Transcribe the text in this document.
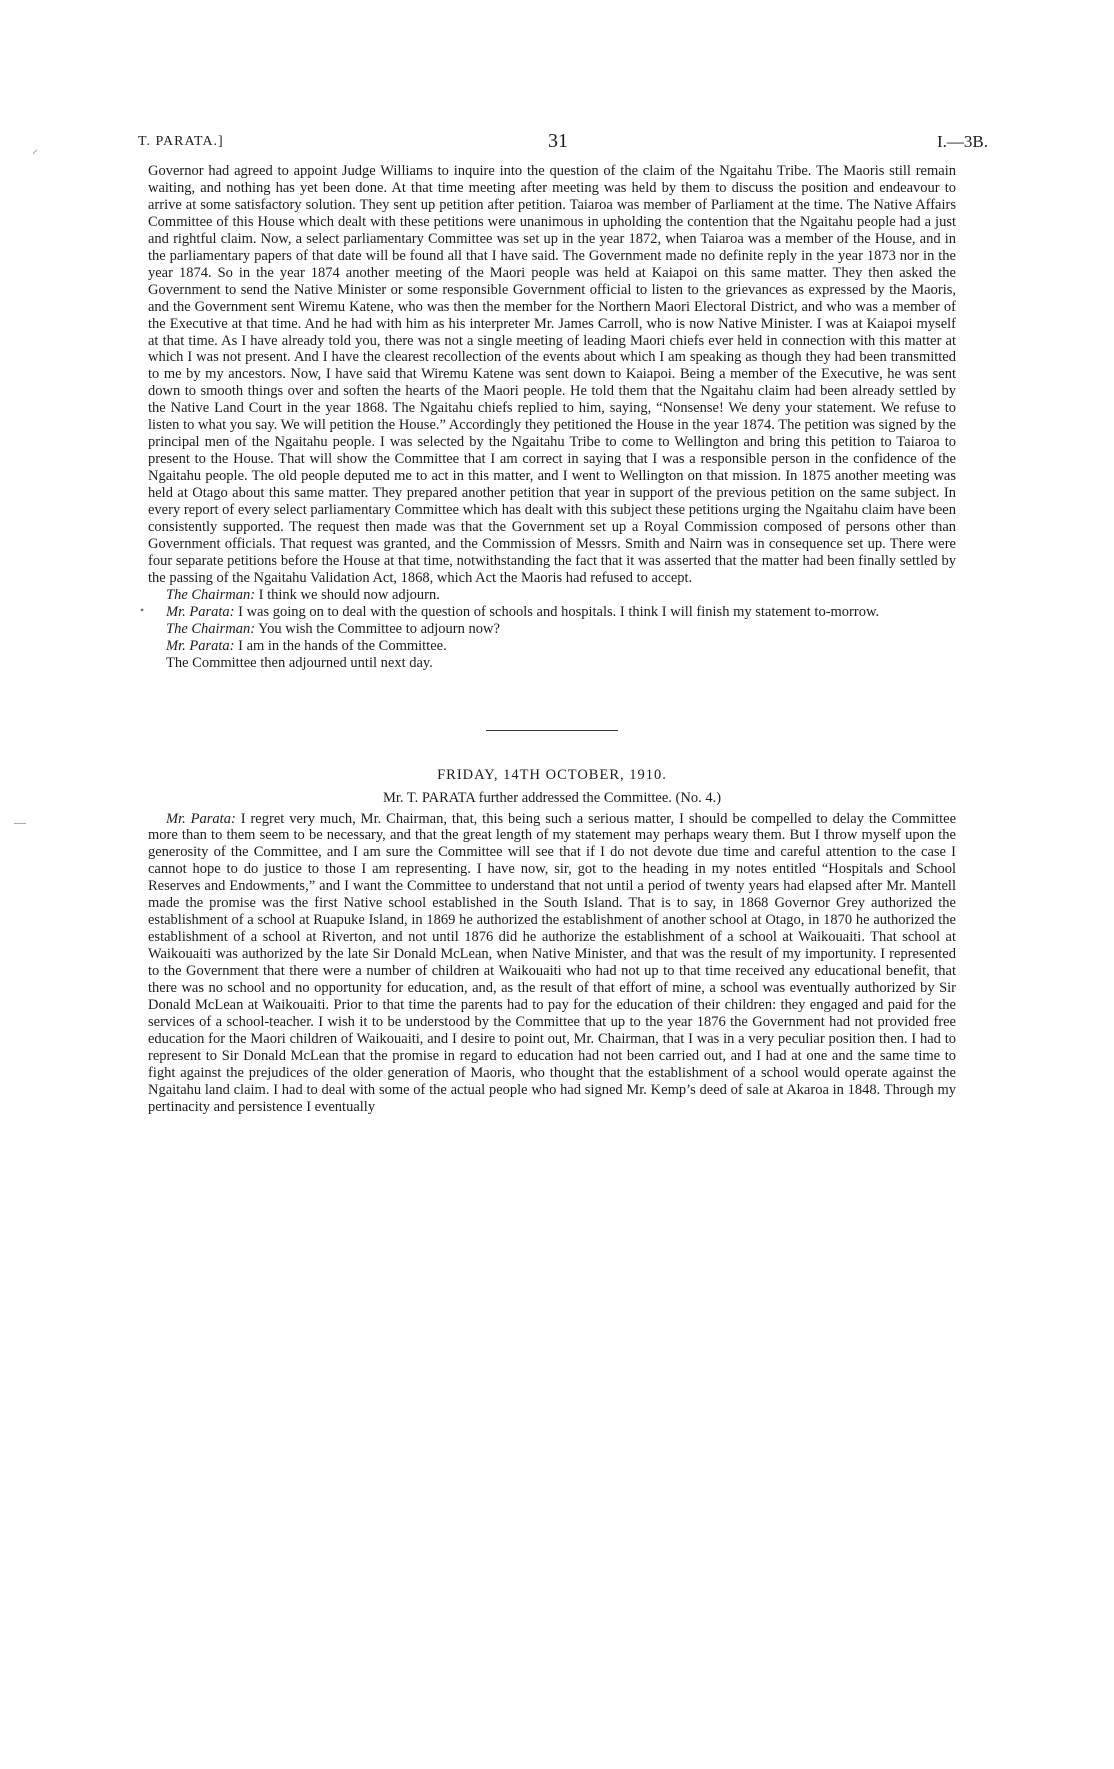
T. PARATA.]	31	I.—3B.
⸝
•
—

Governor had agreed to appoint Judge Williams to inquire into the question of the claim of the Ngaitahu Tribe. The Maoris still remain waiting, and nothing has yet been done. At that time meeting after meeting was held by them to discuss the position and endeavour to arrive at some satisfactory solution. They sent up petition after petition. Taiaroa was member of Parliament at the time. The Native Affairs Committee of this House which dealt with these petitions were unanimous in upholding the contention that the Ngaitahu people had a just and rightful claim. Now, a select parliamentary Committee was set up in the year 1872, when Taiaroa was a member of the House, and in the parliamentary papers of that date will be found all that I have said. The Government made no definite reply in the year 1873 nor in the year 1874. So in the year 1874 another meeting of the Maori people was held at Kaiapoi on this same matter. They then asked the Government to send the Native Minister or some responsible Government official to listen to the grievances as expressed by the Maoris, and the Government sent Wiremu Katene, who was then the member for the Northern Maori Electoral District, and who was a member of the Executive at that time. And he had with him as his interpreter Mr. James Carroll, who is now Native Minister. I was at Kaiapoi myself at that time. As I have already told you, there was not a single meeting of leading Maori chiefs ever held in connection with this matter at which I was not present. And I have the clearest recollection of the events about which I am speaking as though they had been transmitted to me by my ancestors. Now, I have said that Wiremu Katene was sent down to Kaiapoi. Being a member of the Executive, he was sent down to smooth things over and soften the hearts of the Maori people. He told them that the Ngaitahu claim had been already settled by the Native Land Court in the year 1868. The Ngaitahu chiefs replied to him, saying, “Nonsense! We deny your statement. We refuse to listen to what you say. We will petition the House.” Accordingly they petitioned the House in the year 1874. The petition was signed by the principal men of the Ngaitahu people. I was selected by the Ngaitahu Tribe to come to Wellington and bring this petition to Taiaroa to present to the House. That will show the Committee that I am correct in saying that I was a responsible person in the confidence of the Ngaitahu people. The old people deputed me to act in this matter, and I went to Wellington on that mission. In 1875 another meeting was held at Otago about this same matter. They prepared another petition that year in support of the previous petition on the same subject. In every report of every select parliamentary Committee which has dealt with this subject these petitions urging the Ngaitahu claim have been consistently supported. The request then made was that the Government set up a Royal Commission composed of persons other than Government officials. That request was granted, and the Commission of Messrs. Smith and Nairn was in consequence set up. There were four separate petitions before the House at that time, notwithstanding the fact that it was asserted that the matter had been finally settled by the passing of the Ngaitahu Validation Act, 1868, which Act the Maoris had refused to accept.

The Chairman: I think we should now adjourn.
Mr. Parata: I was going on to deal with the question of schools and hospitals. I think I will finish my statement to-morrow.
The Chairman: You wish the Committee to adjourn now?
Mr. Parata: I am in the hands of the Committee.
The Committee then adjourned until next day.

FRIDAY, 14TH OCTOBER, 1910.

Mr. T. PARATA further addressed the Committee. (No. 4.)

Mr. Parata: I regret very much, Mr. Chairman, that, this being such a serious matter, I should be compelled to delay the Committee more than to them seem to be necessary, and that the great length of my statement may perhaps weary them. But I throw myself upon the generosity of the Committee, and I am sure the Committee will see that if I do not devote due time and careful attention to the case I cannot hope to do justice to those I am representing. I have now, sir, got to the heading in my notes entitled “Hospitals and School Reserves and Endowments,” and I want the Committee to understand that not until a period of twenty years had elapsed after Mr. Mantell made the promise was the first Native school established in the South Island. That is to say, in 1868 Governor Grey authorized the establishment of a school at Ruapuke Island, in 1869 he authorized the establishment of another school at Otago, in 1870 he authorized the establishment of a school at Riverton, and not until 1876 did he authorize the establishment of a school at Waikouaiti. That school at Waikouaiti was authorized by the late Sir Donald McLean, when Native Minister, and that was the result of my importunity. I represented to the Government that there were a number of children at Waikouaiti who had not up to that time received any educational benefit, that there was no school and no opportunity for education, and, as the result of that effort of mine, a school was eventually authorized by Sir Donald McLean at Waikouaiti. Prior to that time the parents had to pay for the education of their children: they engaged and paid for the services of a school-teacher. I wish it to be understood by the Committee that up to the year 1876 the Government had not provided free education for the Maori children of Waikouaiti, and I desire to point out, Mr. Chairman, that I was in a very peculiar position then. I had to represent to Sir Donald McLean that the promise in regard to education had not been carried out, and I had at one and the same time to fight against the prejudices of the older generation of Maoris, who thought that the establishment of a school would operate against the Ngaitahu land claim. I had to deal with some of the actual people who had signed Mr. Kemp’s deed of sale at Akaroa in 1848. Through my pertinacity and persistence I eventually
